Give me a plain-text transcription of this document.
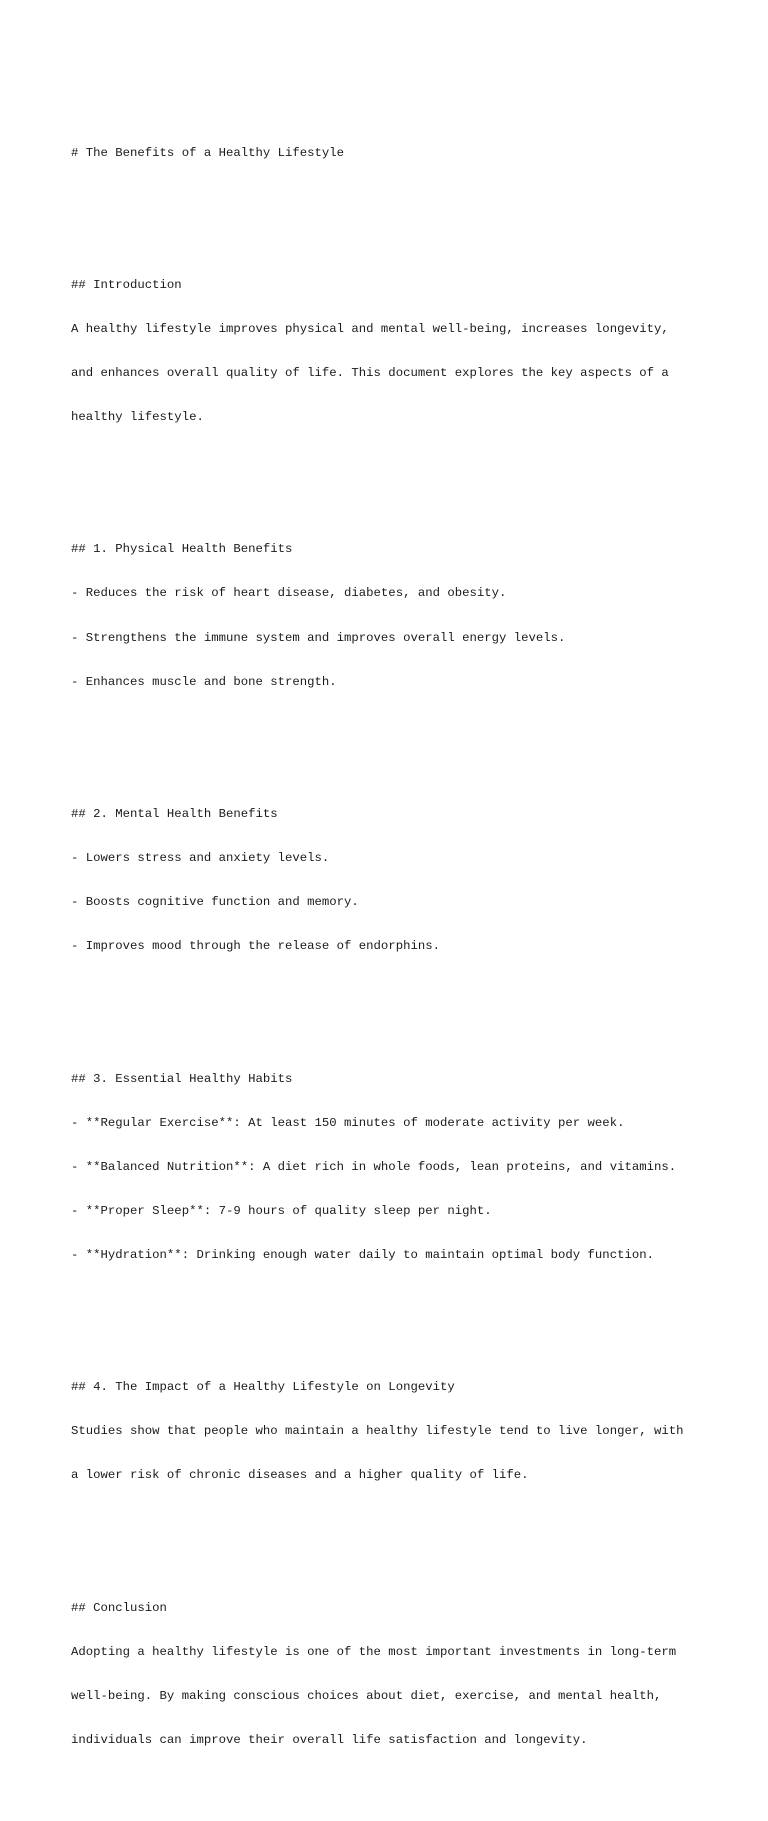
# The Benefits of a Healthy Lifestyle

## Introduction

A healthy lifestyle improves physical and mental well-being, increases longevity,

and enhances overall quality of life. This document explores the key aspects of a

healthy lifestyle.

## 1. Physical Health Benefits

- Reduces the risk of heart disease, diabetes, and obesity.

- Strengthens the immune system and improves overall energy levels.

- Enhances muscle and bone strength.

## 2. Mental Health Benefits

- Lowers stress and anxiety levels.

- Boosts cognitive function and memory.

- Improves mood through the release of endorphins.

## 3. Essential Healthy Habits

- **Regular Exercise**: At least 150 minutes of moderate activity per week.

- **Balanced Nutrition**: A diet rich in whole foods, lean proteins, and vitamins.

- **Proper Sleep**: 7-9 hours of quality sleep per night.

- **Hydration**: Drinking enough water daily to maintain optimal body function.

## 4. The Impact of a Healthy Lifestyle on Longevity

Studies show that people who maintain a healthy lifestyle tend to live longer, with

a lower risk of chronic diseases and a higher quality of life.

## Conclusion

Adopting a healthy lifestyle is one of the most important investments in long-term

well-being. By making conscious choices about diet, exercise, and mental health,

individuals can improve their overall life satisfaction and longevity.
